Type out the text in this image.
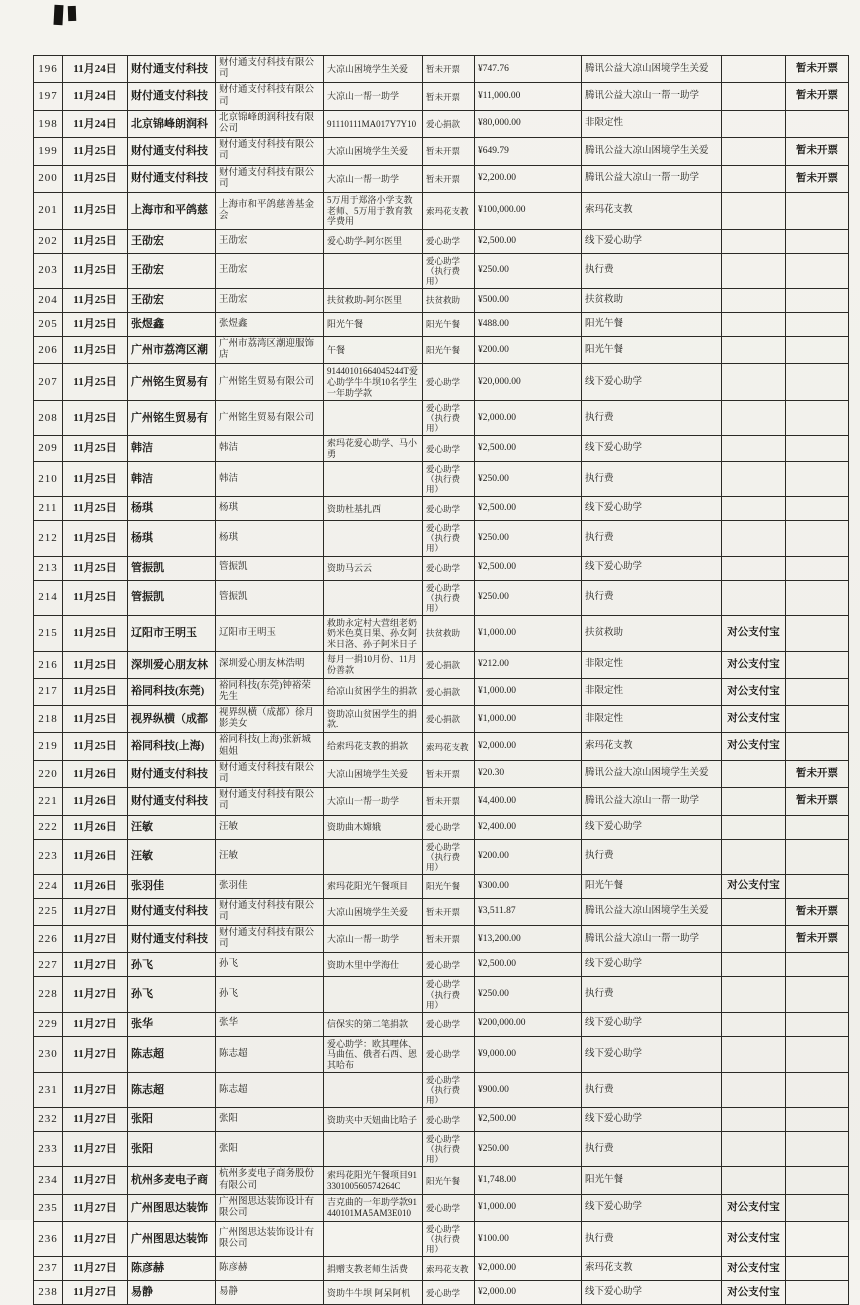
196	11月24日	财付通支付科技	财付通支付科技有限公司	大凉山困境学生关爱	暂未开票	¥747.76	腾讯公益大凉山困境学生关爱		暂未开票
197	11月24日	财付通支付科技	财付通支付科技有限公司	大凉山一帮一助学	暂未开票	¥11,000.00	腾讯公益大凉山一帮一助学		暂未开票
198	11月24日	北京锦峰朗润科	北京锦峰朗润科技有限公司	91110111MA017Y7Y10	爱心捐款	¥80,000.00	非限定性		
199	11月25日	财付通支付科技	财付通支付科技有限公司	大凉山困境学生关爱	暂未开票	¥649.79	腾讯公益大凉山困境学生关爱		暂未开票
200	11月25日	财付通支付科技	财付通支付科技有限公司	大凉山一帮一助学	暂未开票	¥2,200.00	腾讯公益大凉山一帮一助学		暂未开票
201	11月25日	上海市和平鸽慈	上海市和平鸽慈善基金会	5万用于郑洛小学支教老师、5万用于教育教学费用	索玛花支教	¥100,000.00	索玛花支教		
202	11月25日	王劭宏	王劭宏	爱心助学-阿尔医里	爱心助学	¥2,500.00	线下爱心助学		
203	11月25日	王劭宏	王劭宏		爱心助学（执行费用）	¥250.00	执行费		
204	11月25日	王劭宏	王劭宏	扶贫救助-阿尔医里	扶贫救助	¥500.00	扶贫救助		
205	11月25日	张煜鑫	张煜鑫	阳光午餐	阳光午餐	¥488.00	阳光午餐		
206	11月25日	广州市荔湾区潮	广州市荔湾区潮迎服饰店	午餐	阳光午餐	¥200.00	阳光午餐		
207	11月25日	广州铭生贸易有	广州铭生贸易有限公司	91440101664045244T爱心助学牛牛坝10名学生一年助学款	爱心助学	¥20,000.00	线下爱心助学		
208	11月25日	广州铭生贸易有	广州铭生贸易有限公司		爱心助学（执行费用）	¥2,000.00	执行费		
209	11月25日	韩洁	韩洁	索玛花爱心助学、马小勇	爱心助学	¥2,500.00	线下爱心助学		
210	11月25日	韩洁	韩洁		爱心助学（执行费用）	¥250.00	执行费		
211	11月25日	杨琪	杨琪	资助杜基扎西	爱心助学	¥2,500.00	线下爱心助学		
212	11月25日	杨琪	杨琪		爱心助学（执行费用）	¥250.00	执行费		
213	11月25日	管振凯	管振凯	资助马云云	爱心助学	¥2,500.00	线下爱心助学		
214	11月25日	管振凯	管振凯		爱心助学（执行费用）	¥250.00	执行费		
215	11月25日	辽阳市王明玉	辽阳市王明玉	救助永定村大营组老奶奶米色莫日果、孙女阿米日洛、孙子阿米日子	扶贫救助	¥1,000.00	扶贫救助	对公支付宝	
216	11月25日	深圳爱心朋友林	深圳爱心朋友林浩明	每月一捐10月份、11月份善款	爱心捐款	¥212.00	非限定性	对公支付宝	
217	11月25日	裕同科技(东莞)	裕同科技(东莞)钟裕荣先生	给凉山贫困学生的捐款	爱心捐款	¥1,000.00	非限定性	对公支付宝	
218	11月25日	视界纵横（成都	视界纵横（成都）徐月影美女	资助凉山贫困学生的捐款.	爱心捐款	¥1,000.00	非限定性	对公支付宝	
219	11月25日	裕同科技(上海)	裕同科技(上海)张新城姐姐	给索玛花支教的捐款	索玛花支教	¥2,000.00	索玛花支教	对公支付宝	
220	11月26日	财付通支付科技	财付通支付科技有限公司	大凉山困境学生关爱	暂未开票	¥20.30	腾讯公益大凉山困境学生关爱		暂未开票
221	11月26日	财付通支付科技	财付通支付科技有限公司	大凉山一帮一助学	暂未开票	¥4,400.00	腾讯公益大凉山一帮一助学		暂未开票
222	11月26日	汪敏	汪敏	资助曲木嫦娥	爱心助学	¥2,400.00	线下爱心助学		
223	11月26日	汪敏	汪敏		爱心助学（执行费用）	¥200.00	执行费		
224	11月26日	张羽佳	张羽佳	索玛花阳光午餐项目	阳光午餐	¥300.00	阳光午餐	对公支付宝	
225	11月27日	财付通支付科技	财付通支付科技有限公司	大凉山困境学生关爱	暂未开票	¥3,511.87	腾讯公益大凉山困境学生关爱		暂未开票
226	11月27日	财付通支付科技	财付通支付科技有限公司	大凉山一帮一助学	暂未开票	¥13,200.00	腾讯公益大凉山一帮一助学		暂未开票
227	11月27日	孙飞	孙飞	资助木里中学海仕	爱心助学	¥2,500.00	线下爱心助学		
228	11月27日	孙飞	孙飞		爱心助学（执行费用）	¥250.00	执行费		
229	11月27日	张华	张华	信保实的第二笔捐款	爱心助学	¥200,000.00	线下爱心助学		
230	11月27日	陈志超	陈志超	爱心助学：欧其哩体、马曲伍、俄者石西、恩其哈布	爱心助学	¥9,000.00	线下爱心助学		
231	11月27日	陈志超	陈志超		爱心助学（执行费用）	¥900.00	执行费		
232	11月27日	张阳	张阳	资助夹中天妞曲比哈子	爱心助学	¥2,500.00	线下爱心助学		
233	11月27日	张阳	张阳		爱心助学（执行费用）	¥250.00	执行费		
234	11月27日	杭州多麦电子商	杭州多麦电子商务股份有限公司	索玛花阳光午餐项目91330100560574264C	阳光午餐	¥1,748.00	阳光午餐		
235	11月27日	广州图思达装饰	广州图思达装饰设计有限公司	吉克曲的一年助学款91440101MA5AM3E010	爱心助学	¥1,000.00	线下爱心助学	对公支付宝	
236	11月27日	广州图思达装饰	广州图思达装饰设计有限公司		爱心助学（执行费用）	¥100.00	执行费	对公支付宝	
237	11月27日	陈彦赫	陈彦赫	捐赠支教老师生活费	索玛花支教	¥2,000.00	索玛花支教	对公支付宝	
238	11月27日	易静	易静	资助牛牛坝 阿呆阿机	爱心助学	¥2,000.00	线下爱心助学	对公支付宝	
